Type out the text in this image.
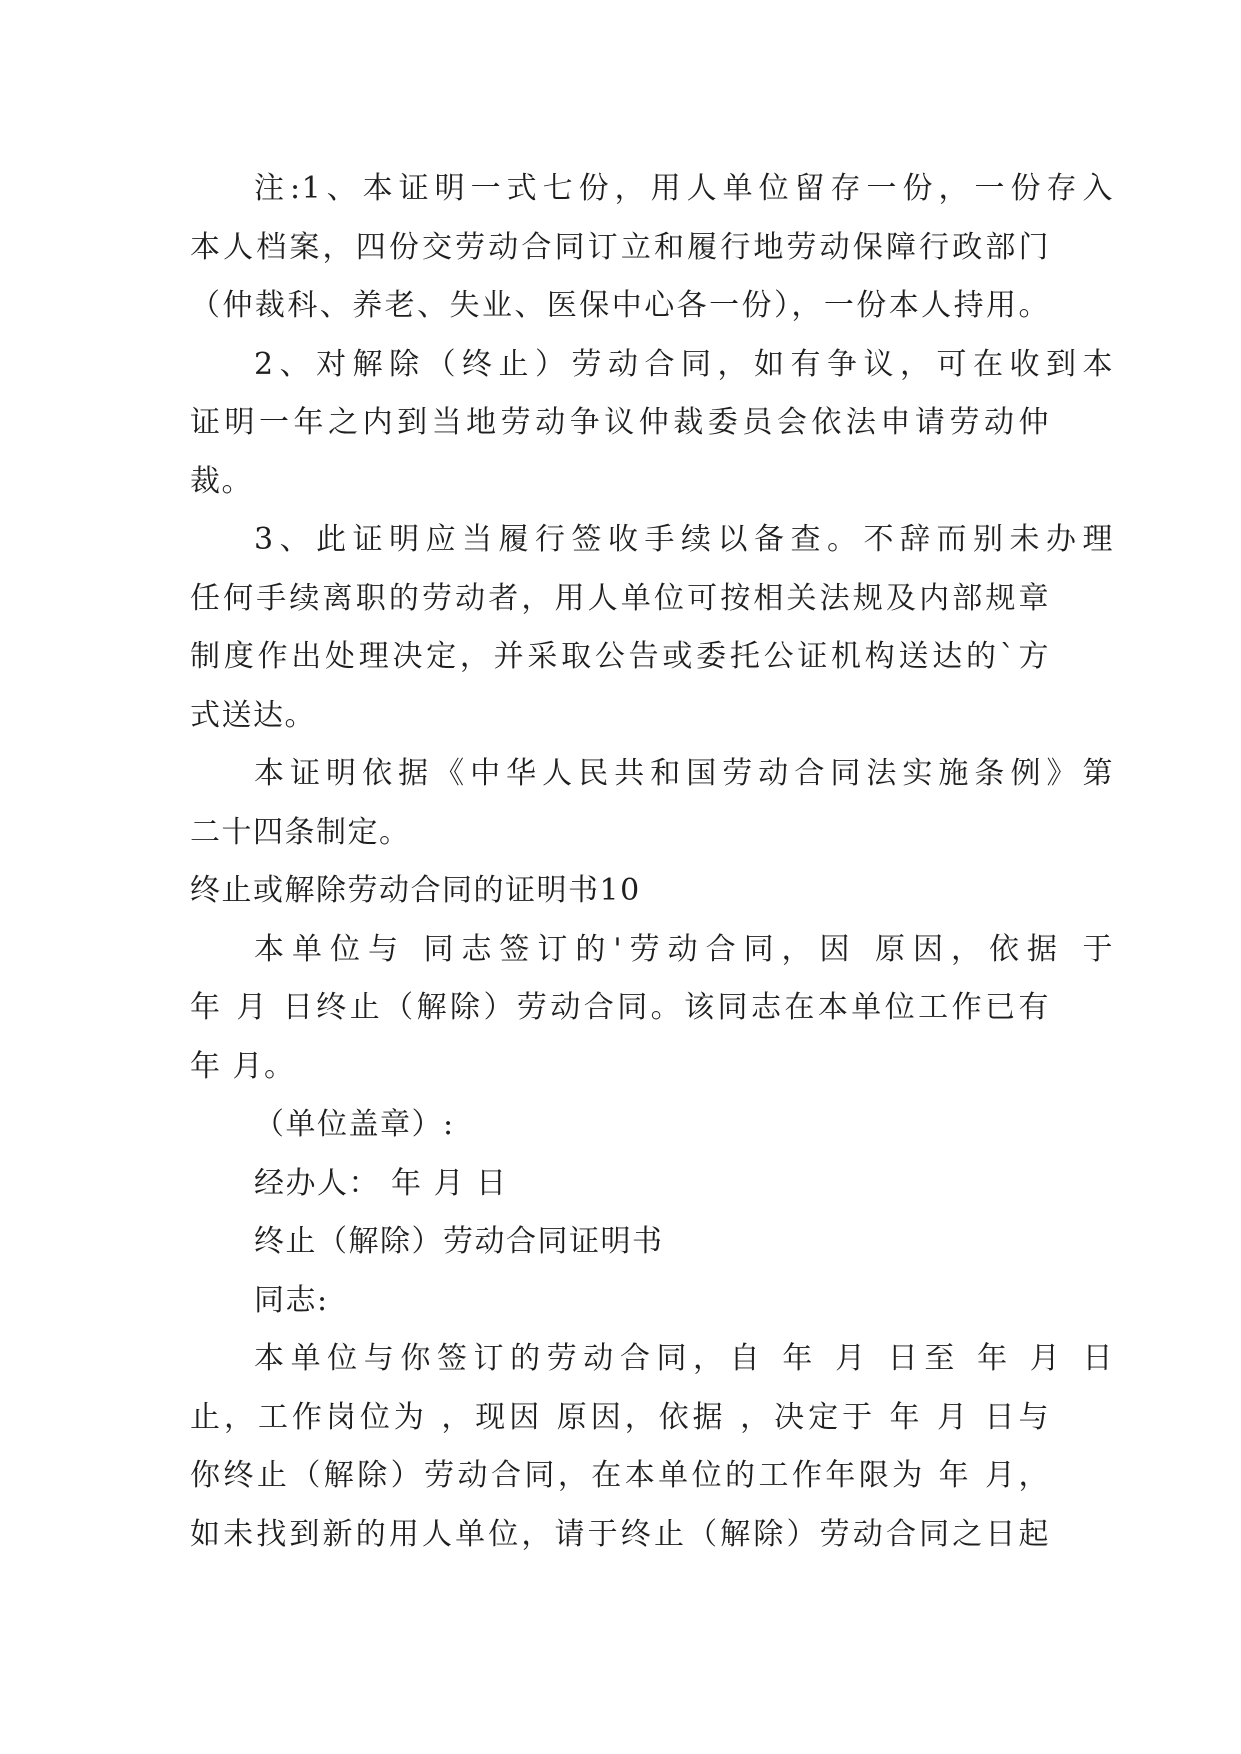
注:1、本证明一式七份，用人单位留存一份，一份存入
本人档案，四份交劳动合同订立和履行地劳动保障行政部门
（仲裁科、养老、失业、医保中心各一份），一份本人持用。
2、对解除（终止）劳动合同，如有争议，可在收到本
证明一年之内到当地劳动争议仲裁委员会依法申请劳动仲
裁。
3、此证明应当履行签收手续以备查。不辞而别未办理
任何手续离职的劳动者，用人单位可按相关法规及内部规章
制度作出处理决定，并采取公告或委托公证机构送达的`方
式送达。
本证明依据《中华人民共和国劳动合同法实施条例》第
二十四条制定。
终止或解除劳动合同的证明书10
本单位与 同志签订的'劳动合同，因 原因，依据 于
年 月 日终止（解除）劳动合同。该同志在本单位工作已有
年 月。
（单位盖章）:
经办人： 年 月 日
终止（解除）劳动合同证明书
同志:
本单位与你签订的劳动合同，自 年 月 日至 年 月 日
止，工作岗位为 ，现因 原因，依据 ，决定于 年 月 日与
你终止（解除）劳动合同，在本单位的工作年限为 年 月，
如未找到新的用人单位，请于终止（解除）劳动合同之日起
